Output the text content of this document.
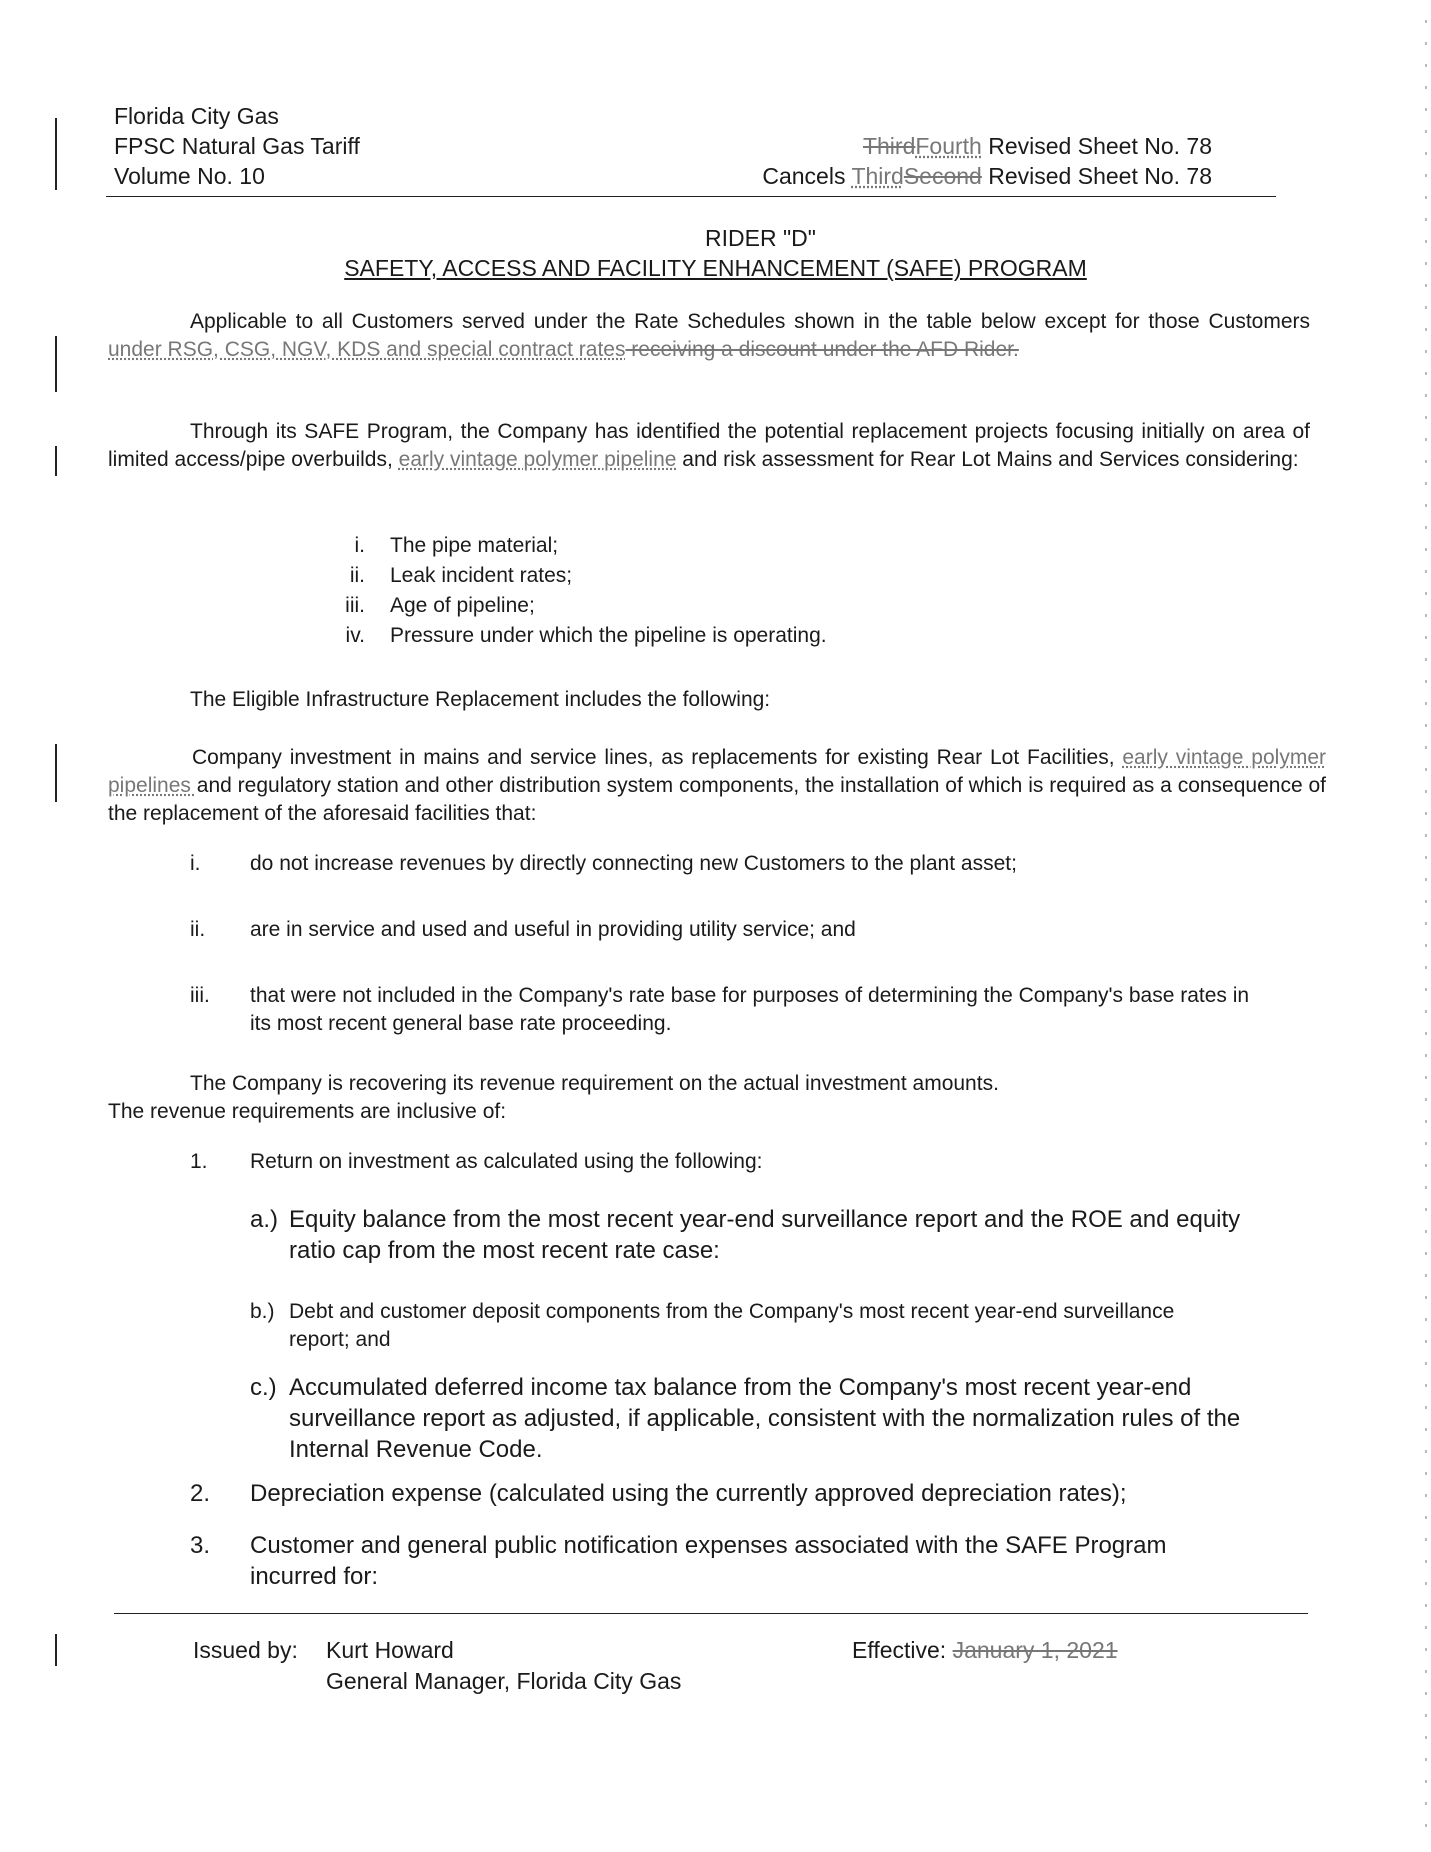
Florida City Gas
FPSC Natural Gas Tariff
Volume No. 10
ThirdFourth Revised Sheet No. 78
Cancels ThirdSecond Revised Sheet No. 78
RIDER "D"
SAFETY, ACCESS AND FACILITY ENHANCEMENT (SAFE) PROGRAM
Applicable to all Customers served under the Rate Schedules shown in the table below except for those Customers under RSG, CSG, NGV, KDS and special contract rates receiving a discount under the AFD Rider.
Through its SAFE Program, the Company has identified the potential replacement projects focusing initially on area of limited access/pipe overbuilds, early vintage polymer pipeline and risk assessment for Rear Lot Mains and Services considering:
i. The pipe material;
ii. Leak incident rates;
iii. Age of pipeline;
iv. Pressure under which the pipeline is operating.
The Eligible Infrastructure Replacement includes the following:
Company investment in mains and service lines, as replacements for existing Rear Lot Facilities, early vintage polymer pipelines and regulatory station and other distribution system components, the installation of which is required as a consequence of the replacement of the aforesaid facilities that:
i. do not increase revenues by directly connecting new Customers to the plant asset;
ii. are in service and used and useful in providing utility service; and
iii. that were not included in the Company's rate base for purposes of determining the Company's base rates in its most recent general base rate proceeding.
The Company is recovering its revenue requirement on the actual investment amounts.
The revenue requirements are inclusive of:
1. Return on investment as calculated using the following:
a.) Equity balance from the most recent year-end surveillance report and the ROE and equity ratio cap from the most recent rate case:
b.) Debt and customer deposit components from the Company's most recent year-end surveillance report; and
c.) Accumulated deferred income tax balance from the Company's most recent year-end surveillance report as adjusted, if applicable, consistent with the normalization rules of the Internal Revenue Code.
2. Depreciation expense (calculated using the currently approved depreciation rates);
3. Customer and general public notification expenses associated with the SAFE Program incurred for:
Issued by: Kurt Howard
General Manager, Florida City Gas
Effective: January 1, 2021
